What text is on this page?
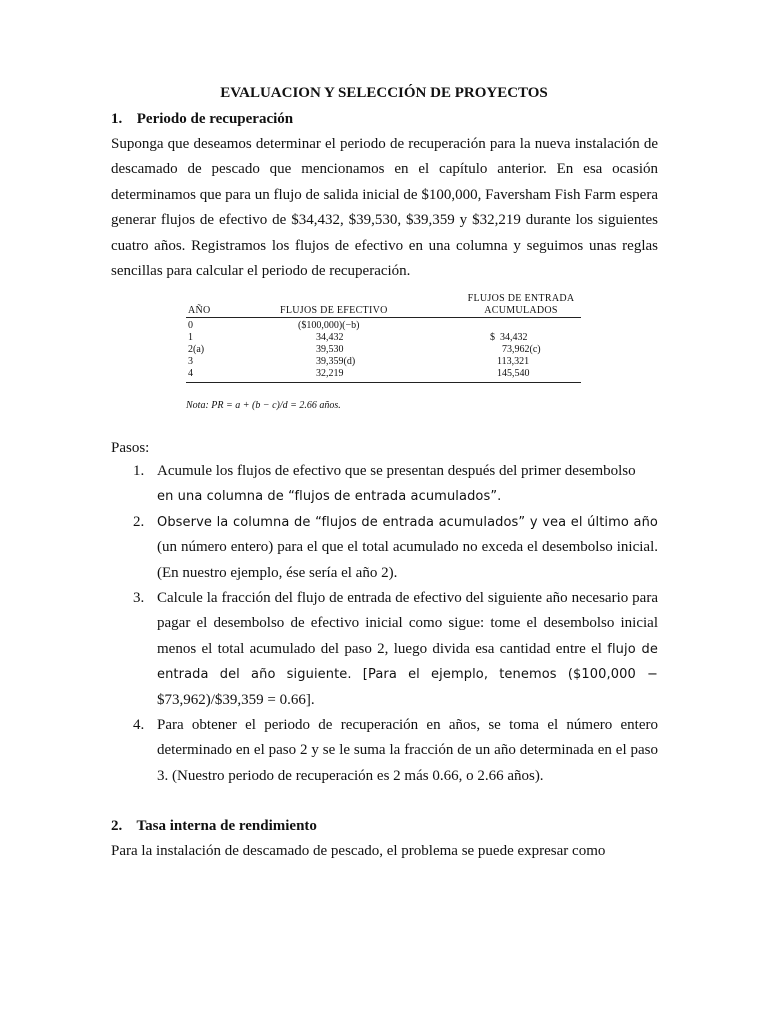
EVALUACION Y SELECCIÓN DE PROYECTOS
1. Periodo de recuperación

Suponga que deseamos determinar el periodo de recuperación para la nueva instalación de descamado de pescado que mencionamos en el capítulo anterior. En esa ocasión determinamos que para un flujo de salida inicial de $100,000, Faversham Fish Farm espera generar flujos de efectivo de $34,432, $39,530, $39,359 y $32,219 durante los siguientes cuatro años. Registramos los flujos de efectivo en una columna y seguimos unas reglas sencillas para calcular el periodo de recuperación.

FLUJOS DE ENTRADA
AÑO	FLUJOS DE EFECTIVO	ACUMULADOS
0	($100,000)(−b)
1	34,432	$  34,432
2(a)	39,530	73,962(c)
3	39,359(d)	113,321
4	32,219	145,540
Nota: PR = a + (b − c)/d = 2.66 años.
Pasos:
1. Acumule los flujos de efectivo que se presentan después del primer desembolso
en una columna de “flujos de entrada acumulados”.
2. Observe la columna de “flujos de entrada acumulados” y vea el último año (un número entero) para el que el total acumulado no exceda el desembolso inicial. (En nuestro ejemplo, ése sería el año 2).
3. Calcule la fracción del flujo de entrada de efectivo del siguiente año necesario para pagar el desembolso de efectivo inicial como sigue: tome el desembolso inicial menos el total acumulado del paso 2, luego divida esa cantidad entre el flujo de entrada del año siguiente. [Para el ejemplo, tenemos ($100,000 − $73,962)/$39,359 = 0.66].
4. Para obtener el periodo de recuperación en años, se toma el número entero determinado en el paso 2 y se le suma la fracción de un año determinada en el paso 3. (Nuestro periodo de recuperación es 2 más 0.66, o 2.66 años).
2. Tasa interna de rendimiento
Para la instalación de descamado de pescado, el problema se puede expresar como
